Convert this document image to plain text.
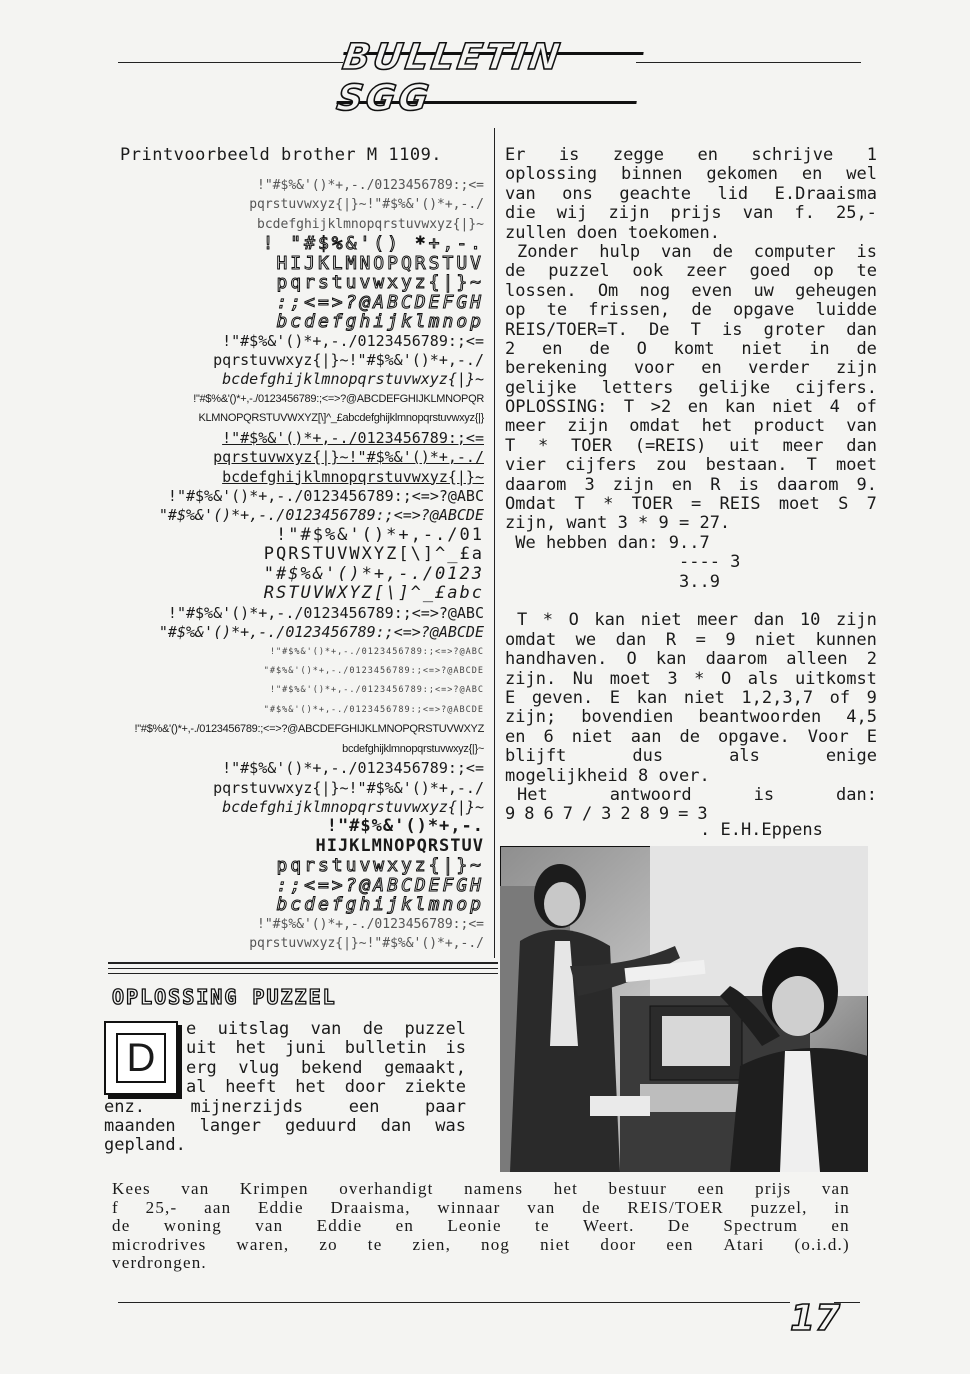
BULLETIN SGG
Printvoorbeeld brother M 1109.
!"#$%&'()*+,-./0123456789:;<=
pqrstuvwxyz{|}~!"#$%&'()*+,-./
bcdefghijklmnopqrstuvwxyz{|}~
! "#$%&'() *+,-.
HIJKLMNOPQRSTUV
pqrstuvwxyz{|}~
:;<=>?@ABCDEFGH
bcdefghijklmnop
!"#$%&'()*+,-./0123456789:;<=
pqrstuvwxyz{|}~!"#$%&'()*+,-./
bcdefghijklmnopqrstuvwxyz{|}~
!"#$%&'()*+,-./0123456789:;<=>?@ABCDEFGHIJKLMNOPQR
KLMNOPQRSTUVWXYZ[\]^_£abcdefghijklmnopqrstuvwxyz{|}
!"#$%&'()*+,-./0123456789:;<=
pqrstuvwxyz{|}~!"#$%&'()*+,-./
bcdefghijklmnopqrstuvwxyz{|}~
!"#$%&'()*+,-./0123456789:;<=>?@ABC
"#$%&'()*+,-./0123456789:;<=>?@ABCDE
!"#$%&'()*+,-./01
PQRSTUVWXYZ[\]^_£a
"#$%&'()*+,-./0123
RSTUVWXYZ[\]^_£abc
!"#$%&'()*+,-./0123456789:;<=>?@ABC
"#$%&'()*+,-./0123456789:;<=>?@ABCDE
!"#$%&'()*+,-./0123456789:;<=>?@ABC
"#$%&'()*+,-./0123456789:;<=>?@ABCDE
!"#$%&'()*+,-./0123456789:;<=>?@ABC
"#$%&'()*+,-./0123456789:;<=>?@ABCDE
!"#$%&'()*+,-./0123456789:;<=>?@ABCDEFGHIJKLMNOPQRSTUVWXYZ
bcdefghijklmnopqrstuvwxyz{|}~
!"#$%&'()*+,-./0123456789:;<=
pqrstuvwxyz{|}~!"#$%&'()*+,-./
bcdefghijklmnopqrstuvwxyz{|}~
!"#$%&'()*+,-.
HIJKLMNOPQRSTUV
pqrstuvwxyz{|}~
:;<=>?@ABCDEFGH
bcdefghijklmnop
!"#$%&'()*+,-./0123456789:;<=
pqrstuvwxyz{|}~!"#$%&'()*+,-./
OPLOSSING PUZZEL
D
e uitslag van de puzzel
uit het juni bulletin is
erg vlug bekend gemaakt,
al heeft het door ziekte
enz.	mijnerzijds	een	paar
maanden langer geduurd dan was
gepland.
Er is zegge en schrijve 1
oplossing binnen gekomen en wel
van ons geachte lid E.Draaisma
die wij zijn prijs van f. 25,-
zullen doen toekomen.
Zonder hulp van de computer is
de puzzel ook zeer goed op te
lossen. Om nog even uw geheugen
op te frissen, de opgave luidde
REIS/TOER=T. De T is groter dan
2 en de O komt niet in de
berekening voor en verder zijn
gelijke letters gelijke cijfers.
OPLOSSING: T >2 en kan niet 4 of
meer zijn omdat het product van
T * TOER (=REIS) uit meer dan
vier cijfers zou bestaan. T moet
daarom 3 zijn en R is daarom 9.
Omdat T * TOER = REIS moet S 7
zijn, want 3 * 9 = 27.
We hebben dan: 9..7
---- 3
3..9
T * O kan niet meer dan 10 zijn
omdat we dan R = 9 niet kunnen
handhaven. O kan daarom alleen 2
zijn. Nu moet 3 * O als uitkomst
E geven. E kan niet 1,2,3,7 of 9
zijn; bovendien beantwoorden 4,5
en 6 niet aan de opgave. Voor E
blijft	dus	als	enige
mogelijkheid 8 over.
Het	antwoord	is	dan:
9867/3289=3
. E.H.Eppens
Kees van Krimpen overhandigt namens het bestuur een prijs van
f 25,- aan Eddie Draaisma, winnaar van de REIS/TOER puzzel, in
de woning van Eddie en Leonie te Weert. De Spectrum en
microdrives waren, zo te zien, nog niet door een Atari (o.i.d.)
verdrongen.
17
